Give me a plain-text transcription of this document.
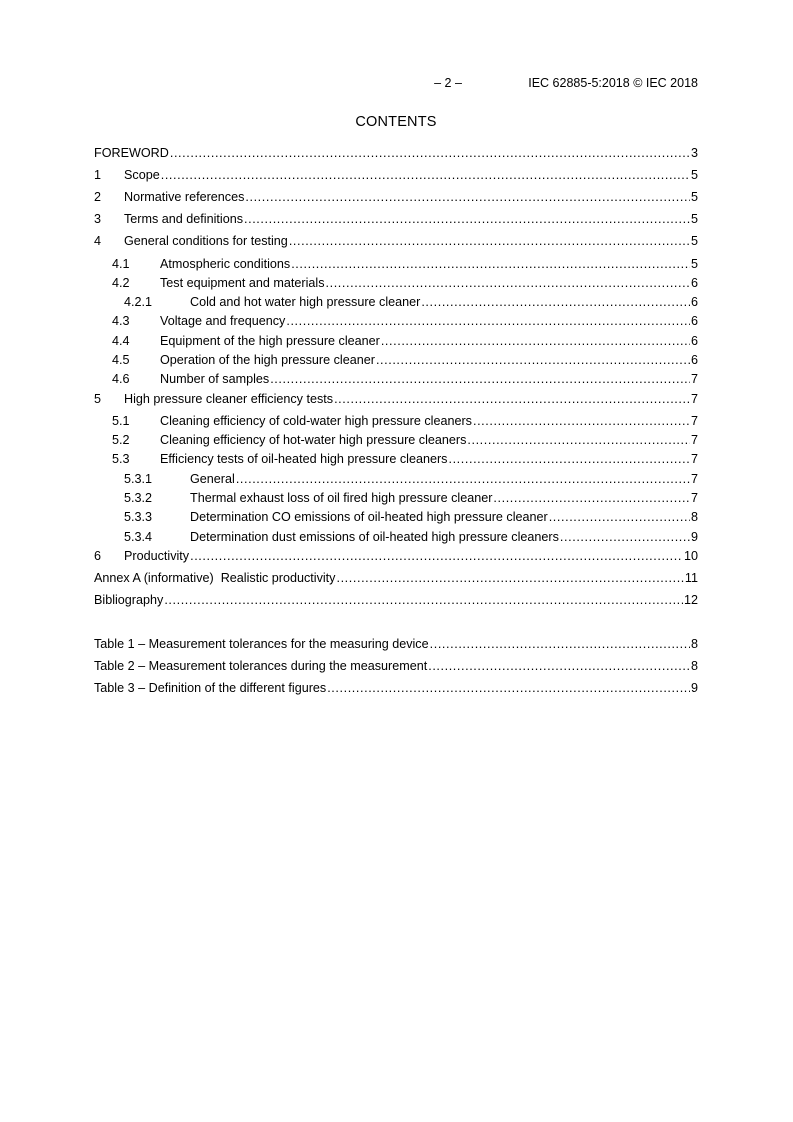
– 2 –	IEC 62885-5:2018 © IEC 2018
CONTENTS
FOREWORD .....	3
1	Scope .....	5
2	Normative references .....	5
3	Terms and definitions .....	5
4	General conditions for testing .....	5
4.1	Atmospheric conditions .....	5
4.2	Test equipment and materials .....	6
4.2.1	Cold and hot water high pressure cleaner .....	6
4.3	Voltage and frequency .....	6
4.4	Equipment of the high pressure cleaner .....	6
4.5	Operation of the high pressure cleaner .....	6
4.6	Number of samples .....	7
5	High pressure cleaner efficiency tests .....	7
5.1	Cleaning efficiency of cold-water high pressure cleaners .....	7
5.2	Cleaning efficiency of hot-water high pressure cleaners .....	7
5.3	Efficiency tests of oil-heated high pressure cleaners .....	7
5.3.1	General .....	7
5.3.2	Thermal exhaust loss of oil fired high pressure cleaner .....	7
5.3.3	Determination CO emissions of oil-heated high pressure cleaner .....	8
5.3.4	Determination dust emissions of oil-heated high pressure cleaners .....	9
6	Productivity .....	10
Annex A (informative)  Realistic productivity .....	11
Bibliography .....	12
Table 1 – Measurement tolerances for the measuring device .....	8
Table 2 – Measurement tolerances during the measurement .....	8
Table 3 – Definition of the different figures .....	9
